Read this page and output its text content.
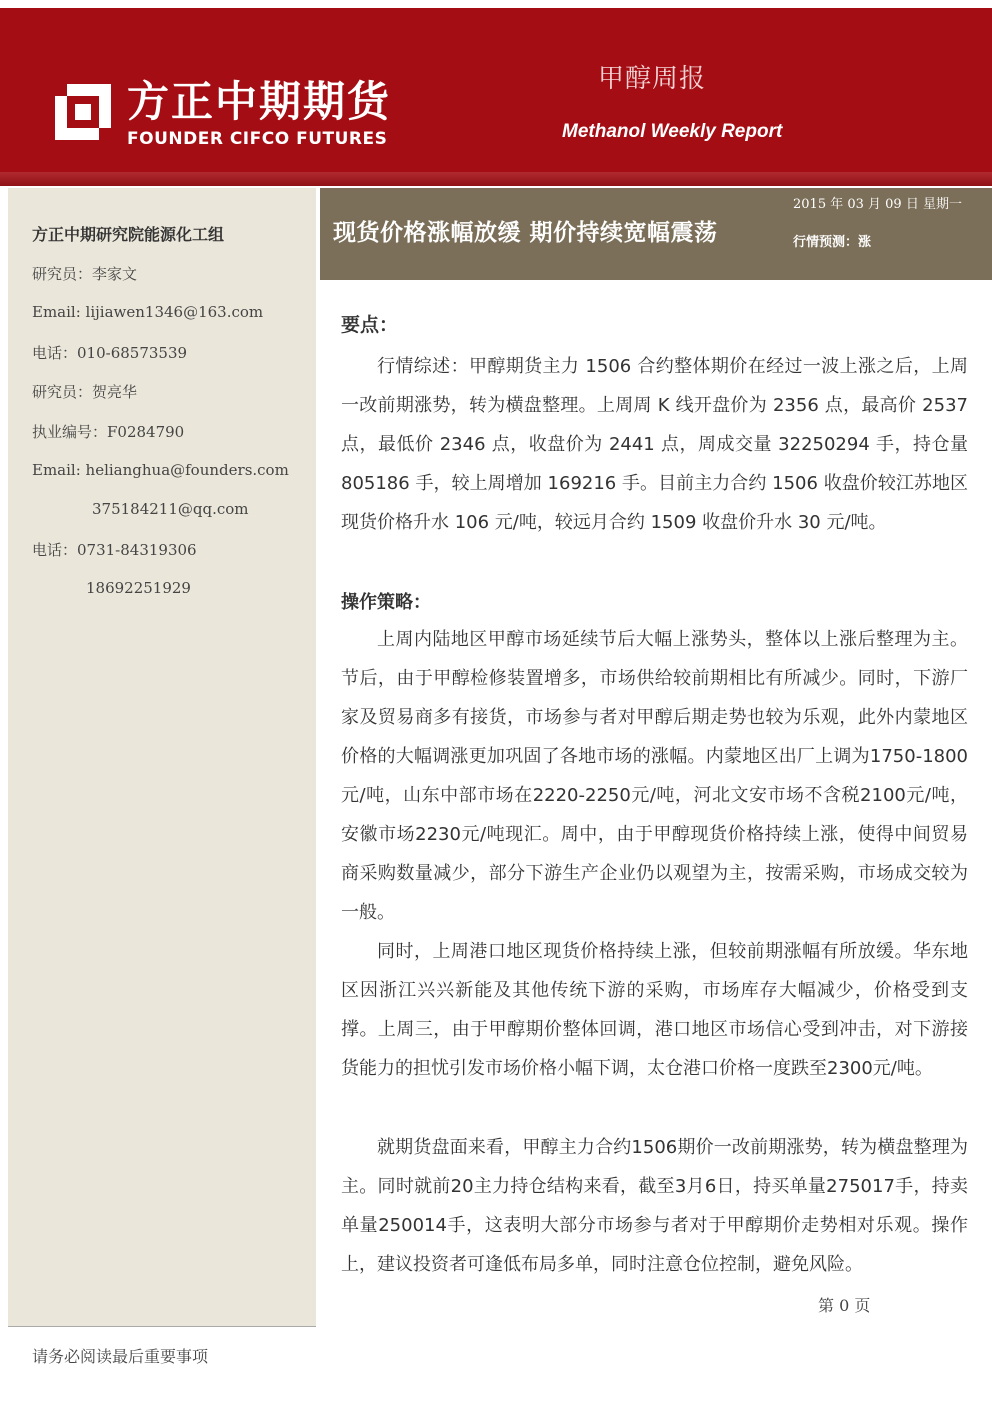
方正中期期货
FOUNDER CIFCO FUTURES
甲醇周报
Methanol Weekly Report
方正中期研究院能源化工组
研究员：李家文
Email: lijiawen1346@163.com
电话：010-68573539
研究员：贺亮华
执业编号：F0284790
Email: helianghua@founders.com
375184211@qq.com
电话：0731-84319306
18692251929
现货价格涨幅放缓 期价持续宽幅震荡
2015 年 03 月 09 日 星期一
行情预测：涨
要点：

行情综述：甲醇期货主力 1506 合约整体期价在经过一波上涨之后，上周一改前期涨势，转为横盘整理。上周周 K 线开盘价为 2356 点，最高价 2537 点，最低价 2346 点，收盘价为 2441 点，周成交量 32250294 手，持仓量 805186 手，较上周增加 169216 手。目前主力合约 1506 收盘价较江苏地区现货价格升水 106 元/吨，较远月合约 1509 收盘价升水 30 元/吨。

操作策略：

上周内陆地区甲醇市场延续节后大幅上涨势头，整体以上涨后整理为主。节后，由于甲醇检修装置增多，市场供给较前期相比有所减少。同时，下游厂家及贸易商多有接货，市场参与者对甲醇后期走势也较为乐观，此外内蒙地区价格的大幅调涨更加巩固了各地市场的涨幅。内蒙地区出厂上调为1750-1800元/吨，山东中部市场在2220-2250元/吨，河北文安市场不含税2100元/吨，安徽市场2230元/吨现汇。周中，由于甲醇现货价格持续上涨，使得中间贸易商采购数量减少，部分下游生产企业仍以观望为主，按需采购，市场成交较为一般。

同时，上周港口地区现货价格持续上涨，但较前期涨幅有所放缓。华东地区因浙江兴兴新能及其他传统下游的采购，市场库存大幅减少，价格受到支撑。上周三，由于甲醇期价整体回调，港口地区市场信心受到冲击，对下游接货能力的担忧引发市场价格小幅下调，太仓港口价格一度跌至2300元/吨。

就期货盘面来看，甲醇主力合约1506期价一改前期涨势，转为横盘整理为主。同时就前20主力持仓结构来看，截至3月6日，持买单量275017手，持卖单量250014手，这表明大部分市场参与者对于甲醇期价走势相对乐观。操作上，建议投资者可逢低布局多单，同时注意仓位控制，避免风险。

第 0 页
请务必阅读最后重要事项
